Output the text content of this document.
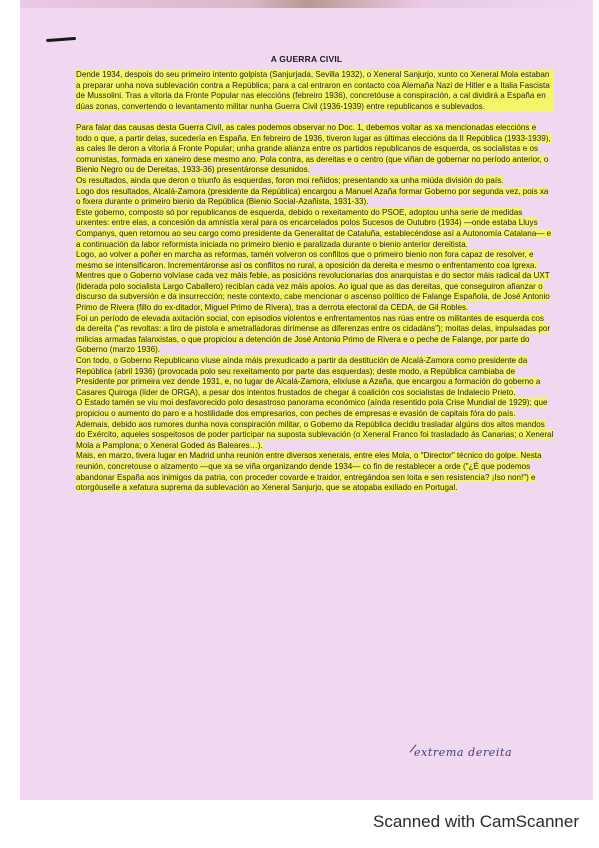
A GUERRA CIVIL

Dende 1934, despois do seu primeiro intento golpista (Sanjurjada, Sevilla 1932), o Xeneral Sanjurjo, xunto co Xeneral Mola estaban a preparar unha nova sublevación contra a República; para a cal entraron en contacto coa Alemaña Nazi de Hitler e a Italia Fascista de Mussolini. Tras a vitoria da Fronte Popular nas eleccións (febreiro 1936), concretóuse a conspiración, a cal dividirá a España en dúas zonas, convertendo o levantamento militar nunha Guerra Civil (1936-1939) entre republicanos e sublevados.

Para falar das causas desta Guerra Civil, as cales podemos observar no Doc. 1, debemos voltar as xa mencionadas eleccións e todo o que, a partir delas, sucedería en España. En febreiro de 1936, tiveron lugar as últimas eleccións da II República (1933-1939), as cales lle deron a vitoria á Fronte Popular; unha grande alianza entre os partidos republicanos de esquerda, os socialistas e os comunistas, formada en xaneiro dese mesmo ano. Pola contra, as dereitas e o centro (que viñan de gobernar no período anterior, o Bienio Negro ou de Dereitas, 1933-36) presentáronse desunidos.

Os resultados, ainda que deron o triunfo ás esquerdas, foron moi reñidos; presentando xa unha miúda división do país.

Logo dos resultados, Alcalá-Zamora (presidente da República) encargou a Manuel Azaña formar Goberno por segunda vez, pois xa o fixera durante o primeiro bienio da República (Bienio Social-Azañista, 1931-33).

Este goberno, composto só por republicanos de esquerda, debido o rexeitamento do PSOE, adoptou unha serie de medidas urxentes: entre elas, a concesión da amnistía xeral para os encarcelados polos Sucesos de Outubro (1934) —onde estaba Lluys Companys, quen retornou ao seu cargo como presidente da Generalitat de Cataluña, establecéndose así a Autonomía Catalana— e a continuación da labor reformista iniciada no primeiro bienio e paralizada durante o bienio anterior dereitista.

Logo, ao volver a poñer en marcha as reformas, tamén volveron os conflitos que o primeiro bienio non fora capaz de resolver, e mesmo se intensificaron. Incrementáronse así os conflitos no rural, a oposición da dereita e mesmo o enfrentamento coa Igrexa.

Mentres que o Goberno volvíase cada vez máis feble, as posicións revolucionarias dos anarquistas e do sector máis radical da UXT (liderada polo socialista Largo Caballero) recibían cada vez máis apoios. Ao igual que as das dereitas, que conseguiron afianzar o discurso da subversión e da insurrección; neste contexto, cabe mencionar o ascenso político de Falange Española, de José Antonio Primo de Rivera (fillo do ex-ditador, Miguel Primo de Rivera), tras a derrota electoral da CEDA, de Gil Robles.

Foi un período de elevada axitación social, con episodios violentos e enfrentamentos nas rúas entre os militantes de esquerda cos da dereita ("as revoltas: a tiro de pistola e ametralladoras dirímense as diferenzas entre os cidadáns"); moitas delas, impulsadas por milicias armadas falanxistas, o que propiciou a detención de José Antonio Primo de Rivera e o peche de Falange, por parte do Goberno (marzo 1936).

Con todo, o Goberno Republicano víuse aínda máis prexudicado a partir da destitución de Alcalá-Zamora como presidente da República (abril 1936) (provocada polo seu rexeitamento por parte das esquerdas); deste modo, a República cambiaba de Presidente por primeira vez dende 1931, e, no lugar de Alcalá-Zamora, elixíuse a Azaña, que encargou a formación do goberno a Casares Quiroga (líder de ORGA), a pesar dos intentos frustados de chegar á coalición cos socialistas de Indalecio Prieto.

O Estado tamén se viu moi desfavorecido polo desastroso panorama económico (aínda resentido pola Crise Mundial de 1929); que propiciou o aumento do paro e a hostilidade dos empresarios, con peches de empresas e evasión de capitais fóra do país.

Ademais, debido aos rumores dunha nova conspiración militar, o Goberno da República decidiu trasladar algúns dos altos mandos do Exército, aqueles sospeitosos de poder participar na suposta sublevación (o Xeneral Franco foi trasladado ás Canarias; o Xeneral Mola a Pamplona; o Xeneral Goded ás Baleares…).

Mais, en marzo, tivera lugar en Madrid unha reunión entre diversos xenerais, entre eles Mola, o "Director" técnico do golpe. Nesta reunión, concretouse o alzamento —que xa se viña organizando dende 1934— co fin de restablecer a orde ("¿É que podemos abandonar España aos inimigos da patria, con proceder covarde e traidor, entregándoa sen loita e sen resistencia? ¡Iso non!") e otorgóuselle a xefatura suprema da sublevación ao Xeneral Sanjurjo, que se atopaba exiliado en Portugal.

extrema dereita
Scanned with CamScanner
